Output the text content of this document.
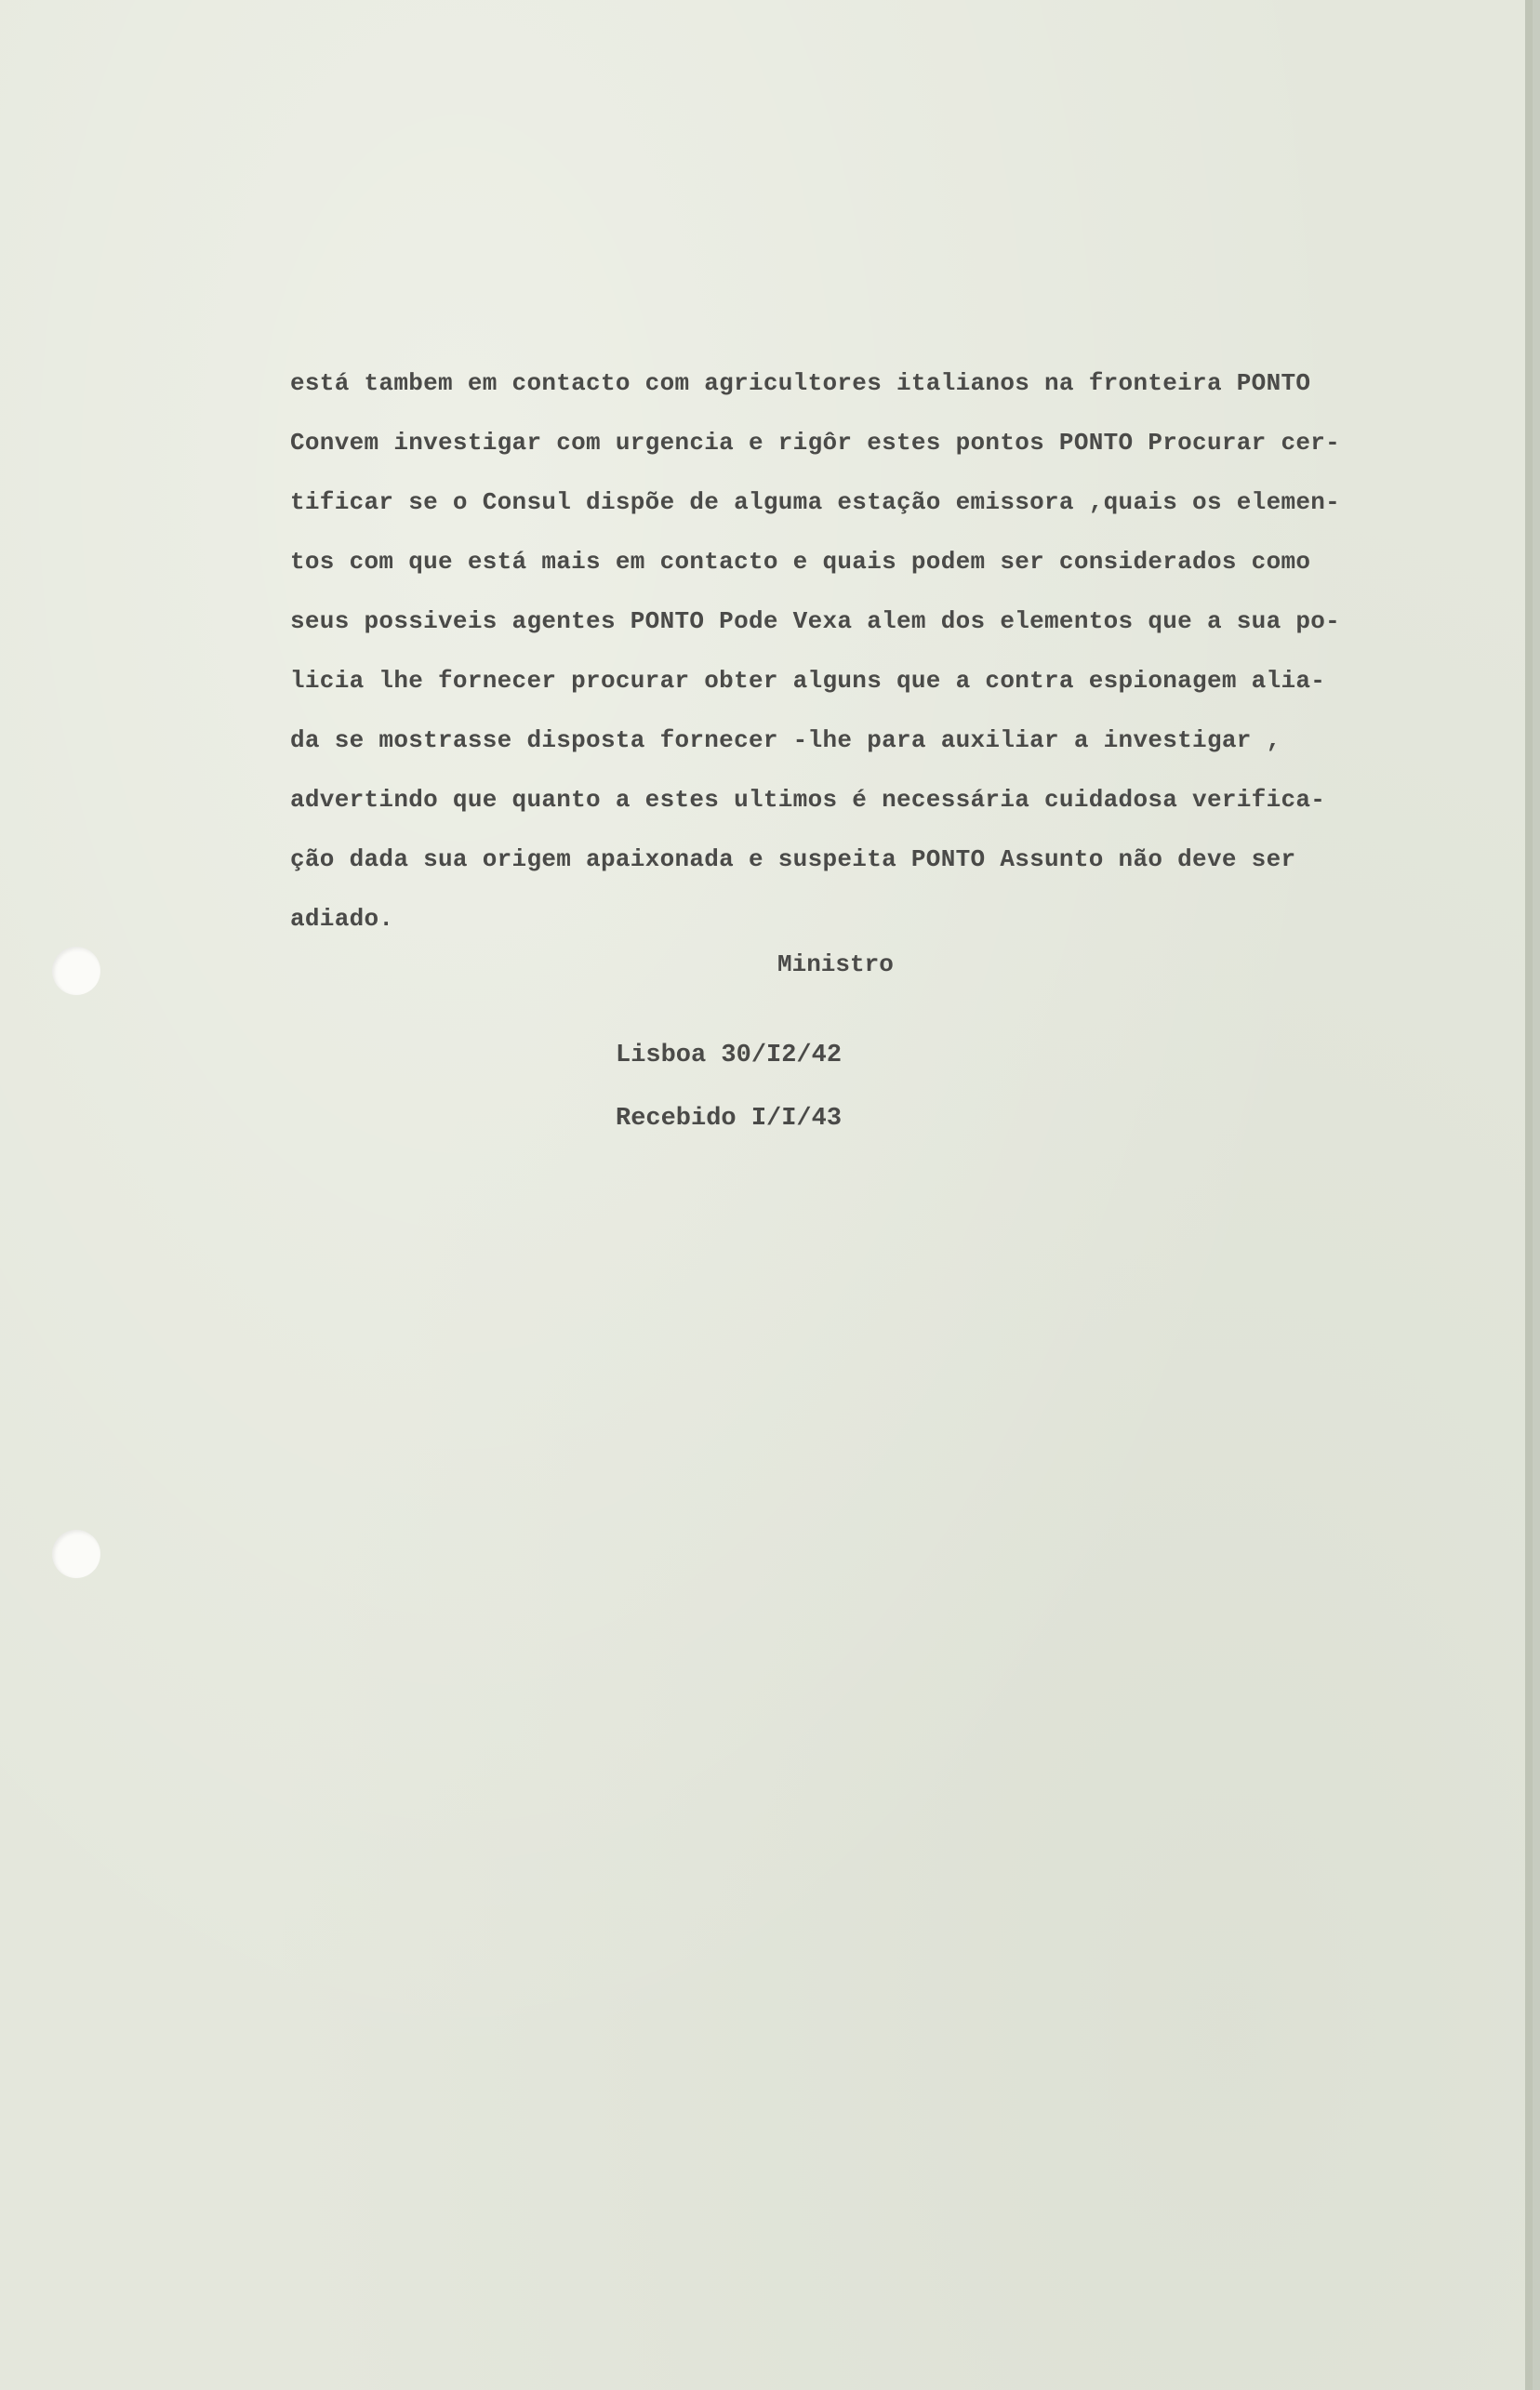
está tambem em contacto com agricultores italianos na fronteira PONTO
Convem investigar com urgencia e rigôr estes pontos PONTO Procurar cer-
tificar se o Consul dispõe de alguma estação emissora ,quais os elemen-
tos com que está mais em contacto e quais podem ser considerados como
seus possiveis agentes PONTO Pode Vexa alem dos elementos que a sua po-
licia lhe fornecer procurar obter alguns que a contra espionagem alia-
da se mostrasse disposta fornecer -lhe para auxiliar a investigar ,
advertindo que quanto a estes ultimos é necessária cuidadosa verifica-
ção dada sua origem apaixonada e suspeita PONTO Assunto não deve ser
adiado.
Ministro
Lisboa 30/I2/42
Recebido I/I/43
